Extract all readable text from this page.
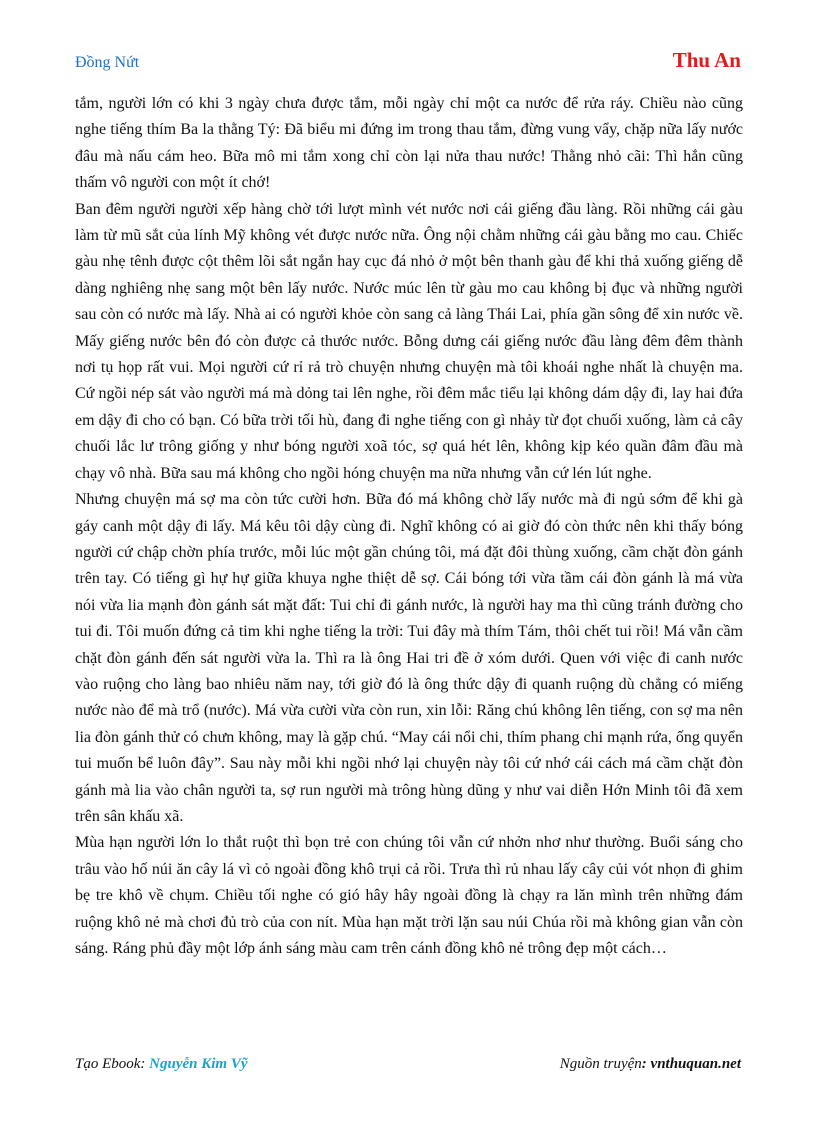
Đồng Nứt	Thu An

tắm, người lớn có khi 3 ngày chưa được tắm, mỗi ngày chỉ một ca nước để rửa ráy. Chiều nào cũng nghe tiếng thím Ba la thằng Tý: Đã biểu mi đứng im trong thau tắm, đừng vung vẩy, chặp nữa lấy nước đâu mà nấu cám heo. Bữa mô mi tắm xong chỉ còn lại nửa thau nước! Thằng nhỏ cãi: Thì hắn cũng thấm vô người con một ít chớ!

Ban đêm người người xếp hàng chờ tới lượt mình vét nước nơi cái giếng đầu làng. Rồi những cái gàu làm từ mũ sắt của lính Mỹ không vét được nước nữa. Ông nội chằm những cái gàu bằng mo cau. Chiếc gàu nhẹ tênh được cột thêm lõi sắt ngắn hay cục đá nhỏ ở một bên thanh gàu để khi thả xuống giếng dễ dàng nghiêng nhẹ sang một bên lấy nước. Nước múc lên từ gàu mo cau không bị đục và những người sau còn có nước mà lấy. Nhà ai có người khỏe còn sang cả làng Thái Lai, phía gần sông để xin nước về. Mấy giếng nước bên đó còn được cả thước nước. Bỗng dưng cái giếng nước đầu làng đêm đêm thành nơi tụ họp rất vui. Mọi người cứ rỉ rả trò chuyện nhưng chuyện mà tôi khoái nghe nhất là chuyện ma. Cứ ngồi nép sát vào người má mà dỏng tai lên nghe, rồi đêm mắc tiểu lại không dám dậy đi, lay hai đứa em dậy đi cho có bạn. Có bữa trời tối hù, đang đi nghe tiếng con gì nhảy từ đọt chuối xuống, làm cả cây chuối lắc lư trông giống y như bóng người xoã tóc, sợ quá hét lên, không kịp kéo quần đâm đầu mà chạy vô nhà. Bữa sau má không cho ngồi hóng chuyện ma nữa nhưng vẫn cứ lén lút nghe.

Nhưng chuyện má sợ ma còn tức cười hơn. Bữa đó má không chờ lấy nước mà đi ngủ sớm để khi gà gáy canh một dậy đi lấy. Má kêu tôi dậy cùng đi. Nghĩ không có ai giờ đó còn thức nên khi thấy bóng người cứ chập chờn phía trước, mỗi lúc một gần chúng tôi, má đặt đôi thùng xuống, cầm chặt đòn gánh trên tay. Có tiếng gì hự hự giữa khuya nghe thiệt dễ sợ. Cái bóng tới vừa tầm cái đòn gánh là má vừa nói vừa lia mạnh đòn gánh sát mặt đất: Tui chỉ đi gánh nước, là người hay ma thì cũng tránh đường cho tui đi. Tôi muốn đứng cả tim khi nghe tiếng la trời: Tui đây mà thím Tám, thôi chết tui rồi! Má vẫn cầm chặt đòn gánh đến sát người vừa la. Thì ra là ông Hai tri đề ở xóm dưới. Quen với việc đi canh nước vào ruộng cho làng bao nhiêu năm nay, tới giờ đó là ông thức dậy đi quanh ruộng dù chẳng có miếng nước nào để mà trổ (nước). Má vừa cười vừa còn run, xin lỗi: Răng chú không lên tiếng, con sợ ma nên lia đòn gánh thử có chưn không, may là gặp chú. “May cái nổi chi, thím phang chi mạnh rứa, ống quyển tui muốn bể luôn đây”. Sau này mỗi khi ngồi nhớ lại chuyện này tôi cứ nhớ cái cách má cầm chặt đòn gánh mà lia vào chân người ta, sợ run người mà trông hùng dũng y như vai diễn Hớn Minh tôi đã xem trên sân khấu xã.

Mùa hạn người lớn lo thắt ruột thì bọn trẻ con chúng tôi vẫn cứ nhởn nhơ như thường. Buổi sáng cho trâu vào hố núi ăn cây lá vì cỏ ngoài đồng khô trụi cả rồi. Trưa thì rủ nhau lấy cây củi vót nhọn đi ghim bẹ tre khô về chụm. Chiều tối nghe có gió hây hây ngoài đồng là chạy ra lăn mình trên những đám ruộng khô nẻ mà chơi đủ trò của con nít. Mùa hạn mặt trời lặn sau núi Chúa rồi mà không gian vẫn còn sáng. Ráng phủ đầy một lớp ánh sáng màu cam trên cánh đồng khô nẻ trông đẹp một cách…

Tạo Ebook: Nguyễn Kim Vỹ	Nguồn truyện: vnthuquan.net
